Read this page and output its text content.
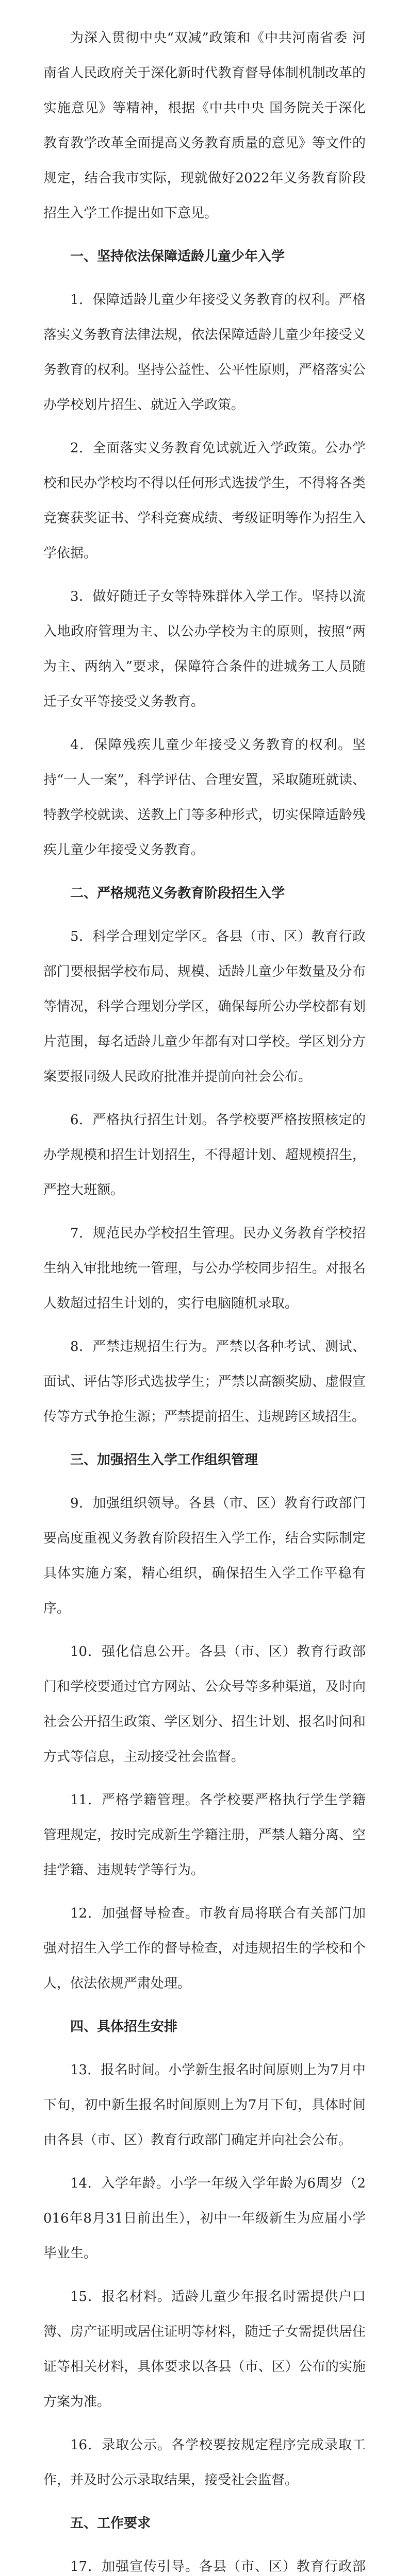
为深入贯彻中央“双减”政策和《中共河南省委 河南省人民政府关于深化新时代教育督导体制机制改革的实施意见》等精神，根据《中共中央 国务院关于深化教育教学改革全面提高义务教育质量的意见》等文件的规定，结合我市实际，现就做好2022年义务教育阶段招生入学工作提出如下意见。

一、坚持依法保障适龄儿童少年入学

1．保障适龄儿童少年接受义务教育的权利。严格落实义务教育法律法规，依法保障适龄儿童少年接受义务教育的权利。坚持公益性、公平性原则，严格落实公办学校划片招生、就近入学政策。

2．全面落实义务教育免试就近入学政策。公办学校和民办学校均不得以任何形式选拔学生，不得将各类竞赛获奖证书、学科竞赛成绩、考级证明等作为招生入学依据。

3．做好随迁子女等特殊群体入学工作。坚持以流入地政府管理为主、以公办学校为主的原则，按照“两为主、两纳入”要求，保障符合条件的进城务工人员随迁子女平等接受义务教育。

4．保障残疾儿童少年接受义务教育的权利。坚持“一人一案”，科学评估、合理安置，采取随班就读、特教学校就读、送教上门等多种形式，切实保障适龄残疾儿童少年接受义务教育。

二、严格规范义务教育阶段招生入学

5．科学合理划定学区。各县（市、区）教育行政部门要根据学校布局、规模、适龄儿童少年数量及分布等情况，科学合理划分学区，确保每所公办学校都有划片范围，每名适龄儿童少年都有对口学校。学区划分方案要报同级人民政府批准并提前向社会公布。

6．严格执行招生计划。各学校要严格按照核定的办学规模和招生计划招生，不得超计划、超规模招生，严控大班额。

7．规范民办学校招生管理。民办义务教育学校招生纳入审批地统一管理，与公办学校同步招生。对报名人数超过招生计划的，实行电脑随机录取。

8．严禁违规招生行为。严禁以各种考试、测试、面试、评估等形式选拔学生；严禁以高额奖励、虚假宣传等方式争抢生源；严禁提前招生、违规跨区域招生。

三、加强招生入学工作组织管理

9．加强组织领导。各县（市、区）教育行政部门要高度重视义务教育阶段招生入学工作，结合实际制定具体实施方案，精心组织，确保招生入学工作平稳有序。

10．强化信息公开。各县（市、区）教育行政部门和学校要通过官方网站、公众号等多种渠道，及时向社会公开招生政策、学区划分、招生计划、报名时间和方式等信息，主动接受社会监督。

11．严格学籍管理。各学校要严格执行学生学籍管理规定，按时完成新生学籍注册，严禁人籍分离、空挂学籍、违规转学等行为。

12．加强督导检查。市教育局将联合有关部门加强对招生入学工作的督导检查，对违规招生的学校和个人，依法依规严肃处理。

四、具体招生安排

13．报名时间。小学新生报名时间原则上为7月中下旬，初中新生报名时间原则上为7月下旬，具体时间由各县（市、区）教育行政部门确定并向社会公布。

14．入学年龄。小学一年级入学年龄为6周岁（2016年8月31日前出生），初中一年级新生为应届小学毕业生。

15．报名材料。适龄儿童少年报名时需提供户口簿、房产证明或居住证明等材料，随迁子女需提供居住证等相关材料，具体要求以各县（市、区）公布的实施方案为准。

16．录取公示。各学校要按规定程序完成录取工作，并及时公示录取结果，接受社会监督。

五、工作要求

17．加强宣传引导。各县（市、区）教育行政部
